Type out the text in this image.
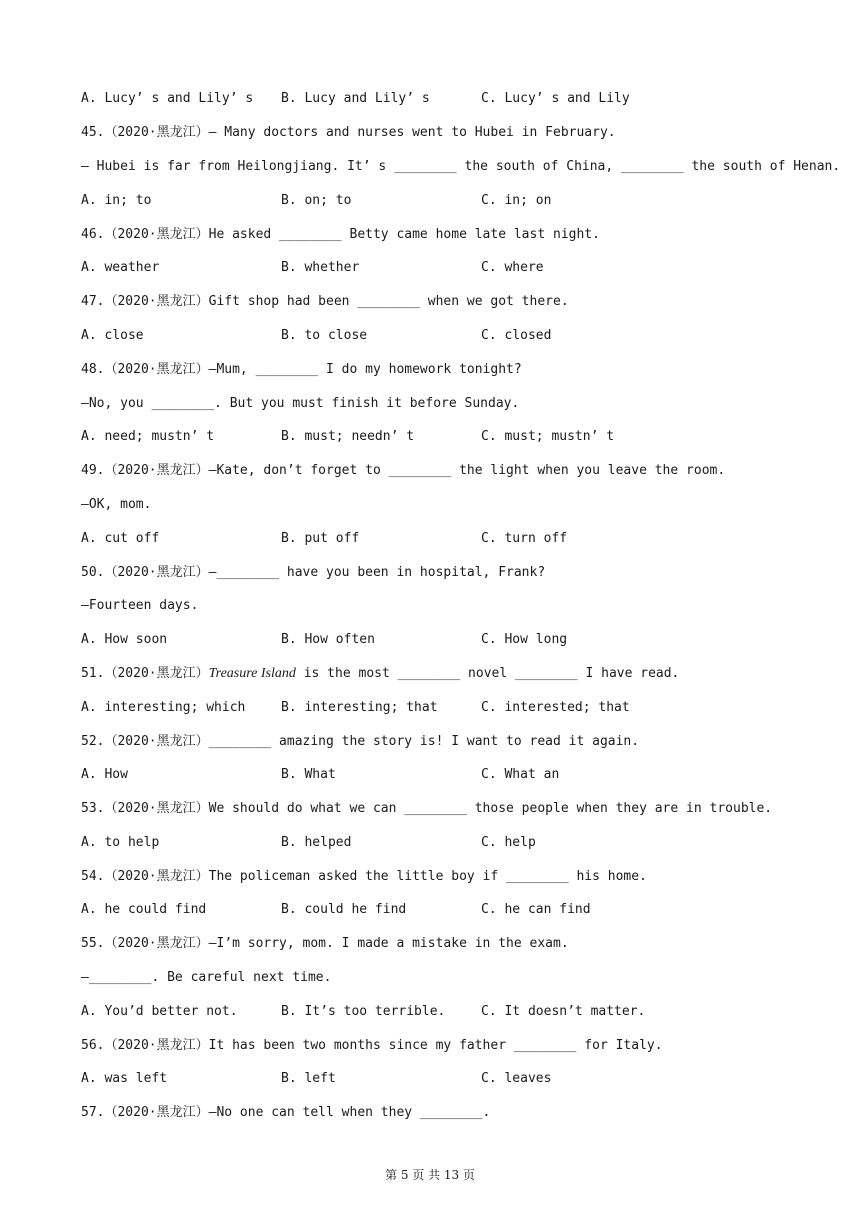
A. Lucy’ s and Lily’ s

B. Lucy and Lily’ s

	C. Lucy’ s and Lily

45.（2020·黑龙江）— Many doctors and nurses went to Hubei in February.
— Hubei is far from Heilongjiang. It’ s ________ the south of China, ________ the south of Henan.

A. in; to

	B. on; to

	C. in; on

46.（2020·黑龙江）He asked ________ Betty came home late last night.

A. weather

	B. whether

	C. where

47.（2020·黑龙江）Gift shop had been ________ when we got there.

A. close

	B. to close

	C. closed

48.（2020·黑龙江）—Mum, ________ I do my homework tonight?
—No, you ________. But you must finish it before Sunday.

A. need; mustn’ t

	B. must; needn’ t

	C. must; mustn’ t

49.（2020·黑龙江）—Kate, don’t forget to ________ the light when you leave the room.
—OK, mom.

A. cut off

	B. put off

	C. turn off

50.（2020·黑龙江）—________ have you been in hospital, Frank?
—Fourteen days.

A. How soon

	B. How often

	C. How long

51.（2020·黑龙江）Treasure Island is the most ________ novel ________ I have read.

A. interesting; which

	B. interesting; that

	C. interested; that

52.（2020·黑龙江）________ amazing the story is! I want to read it again.

A. How

	B. What

	C. What an

53.（2020·黑龙江）We should do what we can ________ those people when they are in trouble.

A. to help

	B. helped

	C. help

54.（2020·黑龙江）The policeman asked the little boy if ________ his home.

A. he could find

	B. could he find

	C. he can find

55.（2020·黑龙江）—I’m sorry, mom. I made a mistake in the exam.
—________. Be careful next time.

A. You’d better not.

	B. It’s too terrible.

	C. It doesn’t matter.

56.（2020·黑龙江）It has been two months since my father ________ for Italy.

A. was left

	B. left

	C. leaves

57.（2020·黑龙江）—No one can tell when they ________.
第 5 页 共 13 页
